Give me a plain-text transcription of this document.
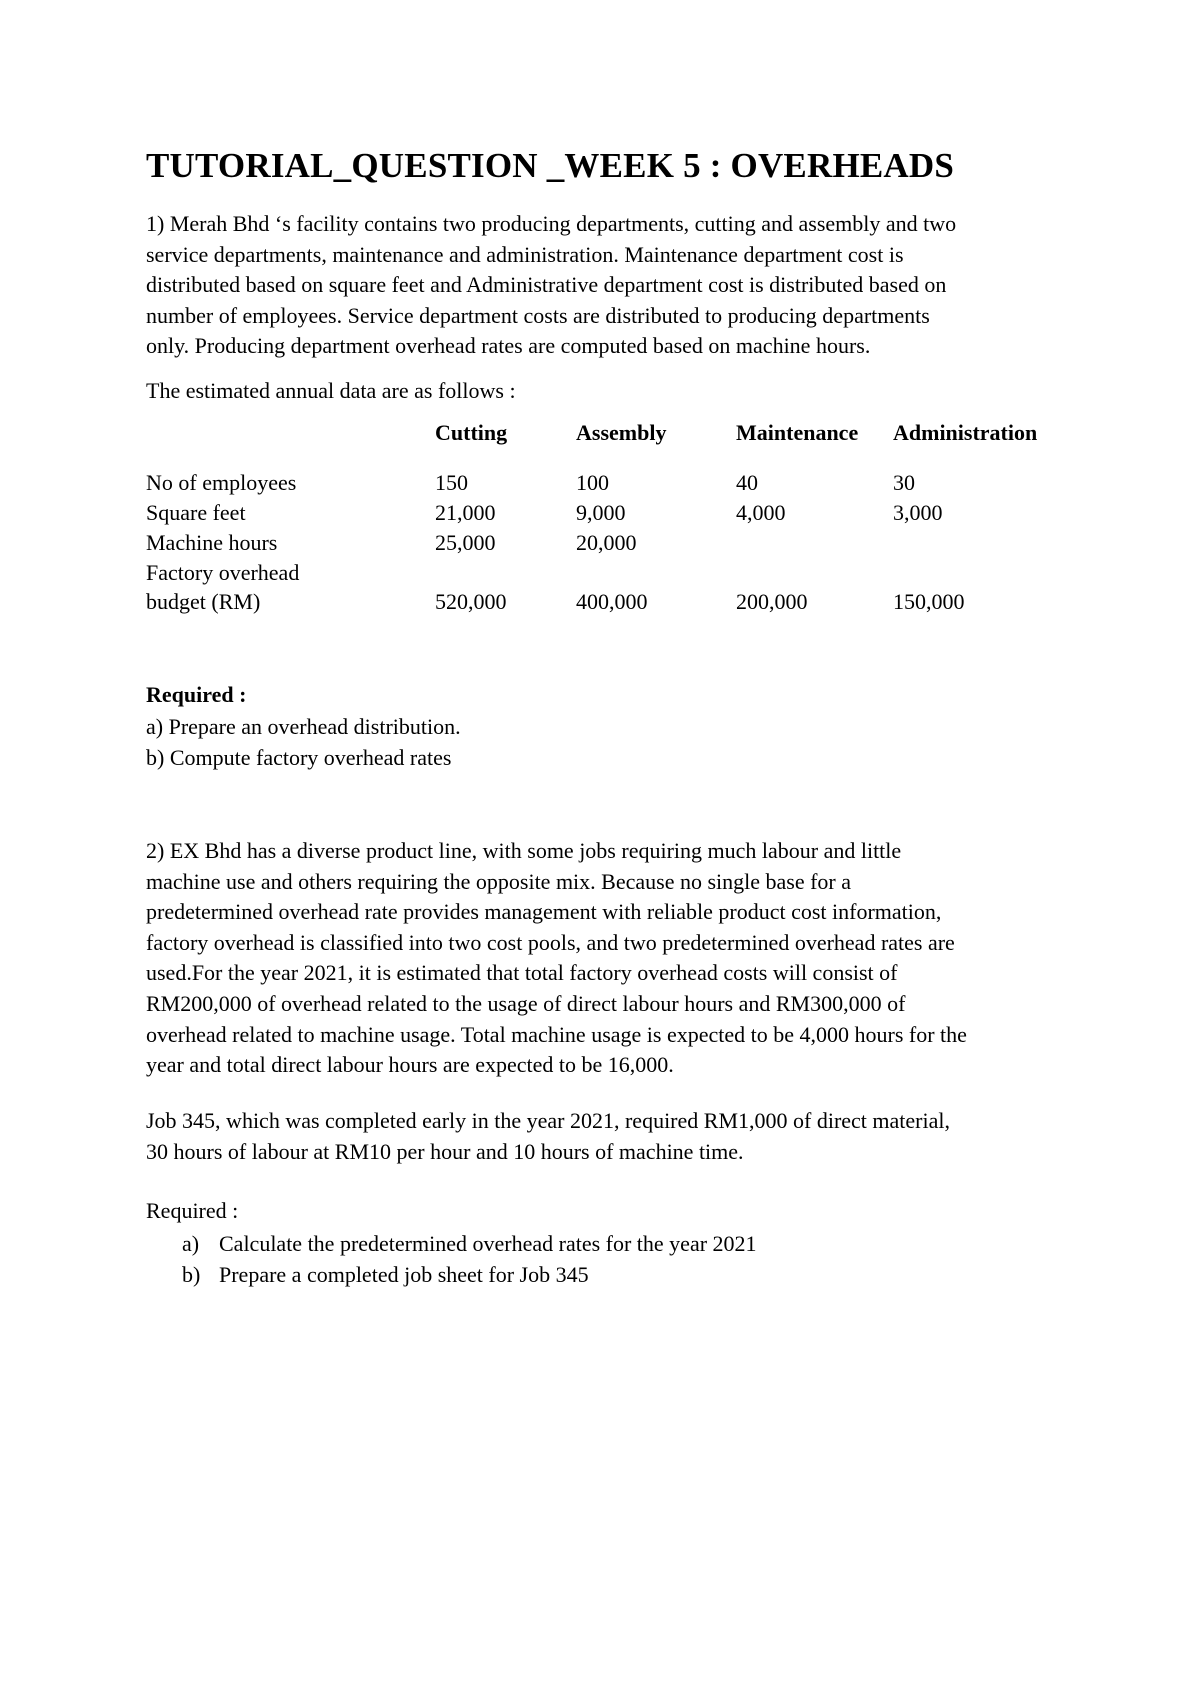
TUTORIAL_QUESTION _WEEK 5 : OVERHEADS
1) Merah Bhd ‘s facility contains two producing departments, cutting and assembly and two
service departments, maintenance and administration. Maintenance department cost is
distributed based on square feet and Administrative department cost is distributed based on
number of employees. Service department costs are distributed to producing departments
only. Producing department overhead rates are computed based on machine hours.
The estimated annual data are as follows :
Cutting	Assembly	Maintenance Administration
No of employees	150	100	40	30
Square feet	21,000	9,000	4,000	3,000
Machine hours	25,000	20,000
Factory overhead
budget (RM)	520,000	400,000	200,000	150,000
Required :
a) Prepare an overhead distribution.
b) Compute factory overhead rates
2) EX Bhd has a diverse product line, with some jobs requiring much labour and little
machine use and others requiring the opposite mix. Because no single base for a
predetermined overhead rate provides management with reliable product cost information,
factory overhead is classified into two cost pools, and two predetermined overhead rates are
used.For the year 2021, it is estimated that total factory overhead costs will consist of
RM200,000 of overhead related to the usage of direct labour hours and RM300,000 of
overhead related to machine usage. Total machine usage is expected to be 4,000 hours for the
year and total direct labour hours are expected to be 16,000.
Job 345, which was completed early in the year 2021, required RM1,000 of direct material,
30 hours of labour at RM10 per hour and 10 hours of machine time.
Required :
a) Calculate the predetermined overhead rates for the year 2021
b) Prepare a completed job sheet for Job 345
